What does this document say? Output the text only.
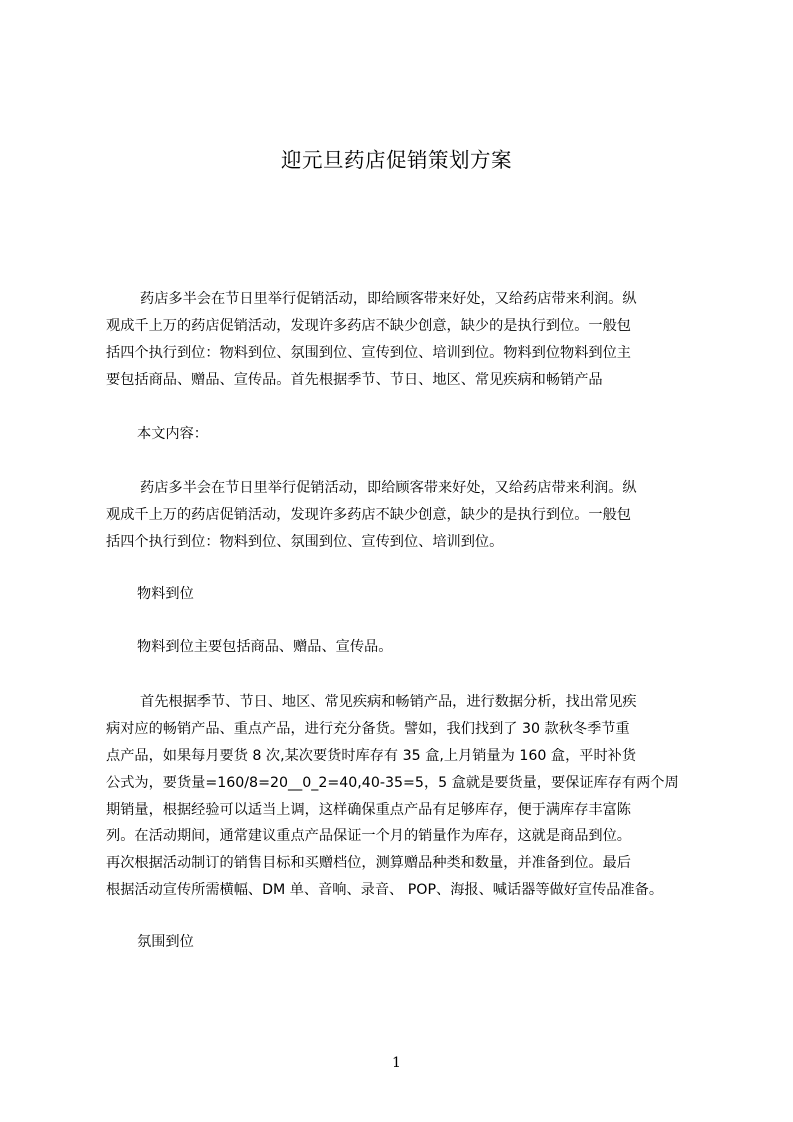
迎元旦药店促销策划方案
药店多半会在节日里举行促销活动，即给顾客带来好处，又给药店带来利润。纵
观成千上万的药店促销活动，发现许多药店不缺少创意，缺少的是执行到位。一般包
括四个执行到位：物料到位、氛围到位、宣传到位、培训到位。物料到位物料到位主
要包括商品、赠品、宣传品。首先根据季节、节日、地区、常见疾病和畅销产品
本文内容：
药店多半会在节日里举行促销活动，即给顾客带来好处，又给药店带来利润。纵
观成千上万的药店促销活动，发现许多药店不缺少创意，缺少的是执行到位。一般包
括四个执行到位：物料到位、氛围到位、宣传到位、培训到位。
物料到位
物料到位主要包括商品、赠品、宣传品。
首先根据季节、节日、地区、常见疾病和畅销产品，进行数据分析，找出常见疾
病对应的畅销产品、重点产品，进行充分备货。譬如，我们找到了 30 款秋冬季节重
点产品，如果每月要货 8 次,某次要货时库存有 35 盒,上月销量为 160 盒，平时补货
公式为，要货量=160/8=20__0_2=40,40-35=5，5 盒就是要货量，要保证库存有两个周
期销量，根据经验可以适当上调，这样确保重点产品有足够库存，便于满库存丰富陈
列。在活动期间，通常建议重点产品保证一个月的销量作为库存，这就是商品到位。
再次根据活动制订的销售目标和买赠档位，测算赠品种类和数量，并准备到位。最后
根据活动宣传所需横幅、DM 单、音响、录音、 POP、海报、喊话器等做好宣传品准备。
氛围到位
1
